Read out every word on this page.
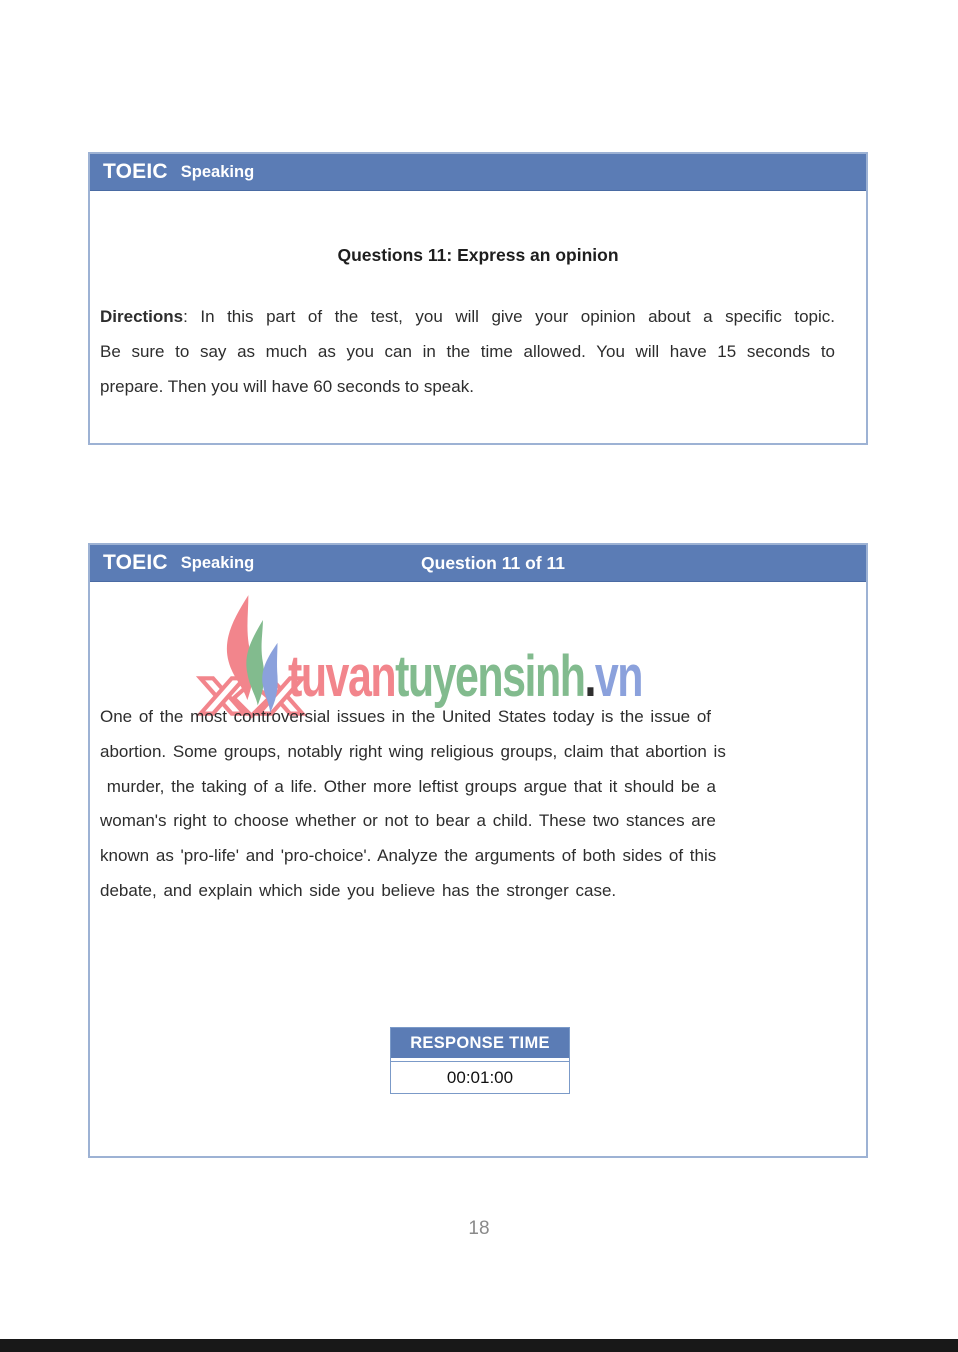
TOEIC Speaking
Questions 11: Express an opinion
Directions: In this part of the test, you will give your opinion about a specific topic.
Be sure to say as much as you can in the time allowed. You will have 15 seconds to
prepare. Then you will have 60 seconds to speak.
TOEIC Speaking	Question 11 of 11
tuvantuyensinh.vn
One of the most controversial issues in the United States today is the issue of
abortion. Some groups, notably right wing religious groups, claim that abortion is
murder, the taking of a life. Other more leftist groups argue that it should be a
woman's right to choose whether or not to bear a child. These two stances are
known as 'pro-life' and 'pro-choice'. Analyze the arguments of both sides of this
debate, and explain which side you believe has the stronger case.
RESPONSE TIME
00:01:00
18
